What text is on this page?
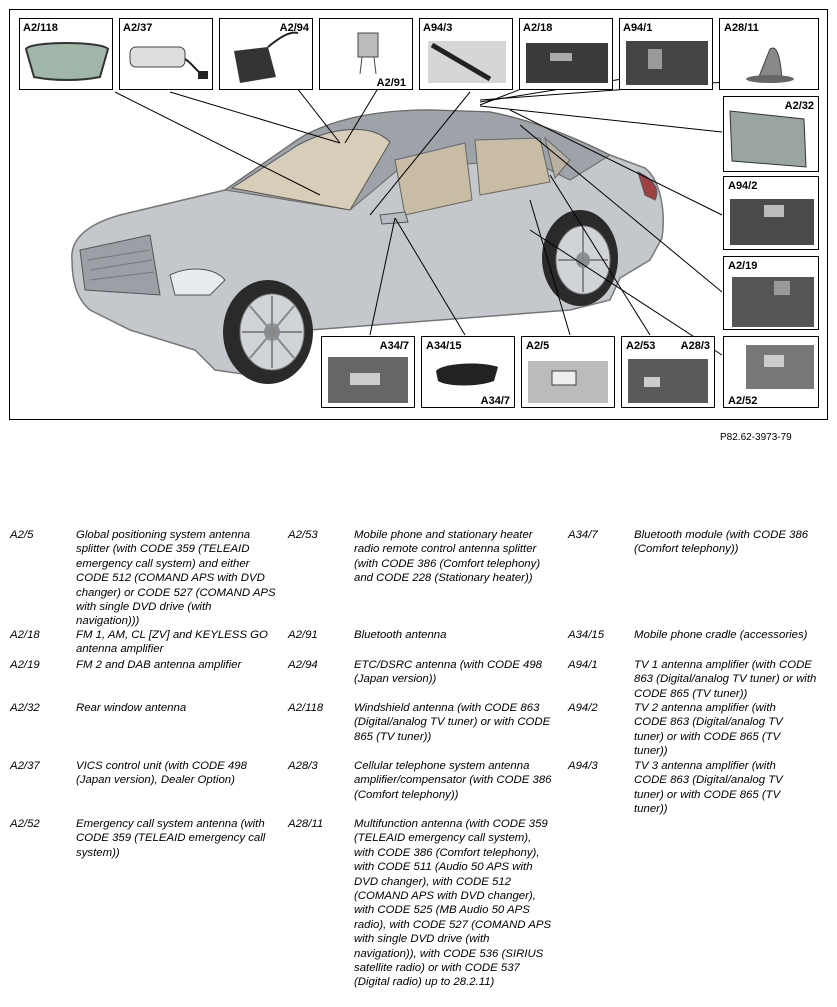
A2/118	A2/37	A2/94
A2/91
A94/3	A2/18	A94/1	A28/11
A2/32
A94/2
A2/19
A34/7 A34/15
A34/7
A2/5	A2/53 A28/3
A2/52
P82.62-3973-79
A2/5	Global positioning system antenna splitter (with CODE 359 (TELEAID emergency call system) and either CODE 512 (COMAND APS with DVD changer) or CODE 527 (COMAND APS with single DVD drive (with navigation)))
A2/18	FM 1, AM, CL [ZV] and KEYLESS GO antenna amplifier
A2/19	FM 2 and DAB antenna amplifier
A2/32	Rear window antenna
A2/37	VICS control unit (with CODE 498 (Japan version), Dealer Option)
A2/52	Emergency call system antenna (with CODE 359 (TELEAID emergency call system))
A2/53	Mobile phone and stationary heater radio remote control antenna splitter (with CODE 386 (Comfort telephony) and CODE 228 (Stationary heater))
A2/91	Bluetooth antenna
A2/94	ETC/DSRC antenna (with CODE 498 (Japan version))
A2/118	Windshield antenna (with CODE 863 (Digital/analog TV tuner) or with CODE 865 (TV tuner))
A28/3	Cellular telephone system antenna amplifier/compensator (with CODE 386 (Comfort telephony))
A28/11	Multifunction antenna (with CODE 359 (TELEAID emergency call system), with CODE 386 (Comfort telephony), with CODE 511 (Audio 50 APS with DVD changer), with CODE 512 (COMAND APS with DVD changer), with CODE 525 (MB Audio 50 APS radio), with CODE 527 (COMAND APS with single DVD drive (with navigation)), with CODE 536 (SIRIUS satellite radio) or with CODE 537 (Digital radio) up to 28.2.11)
A34/7	Bluetooth module (with CODE 386 (Comfort telephony))
A34/15	Mobile phone cradle (accessories)
A94/1	TV 1 antenna amplifier (with CODE 863 (Digital/analog TV tuner) or with CODE 865 (TV tuner))
A94/2	TV 2 antenna amplifier (with CODE 863 (Digital/analog TV tuner) or with CODE 865 (TV tuner))
A94/3	TV 3 antenna amplifier (with CODE 863 (Digital/analog TV tuner) or with CODE 865 (TV tuner))
